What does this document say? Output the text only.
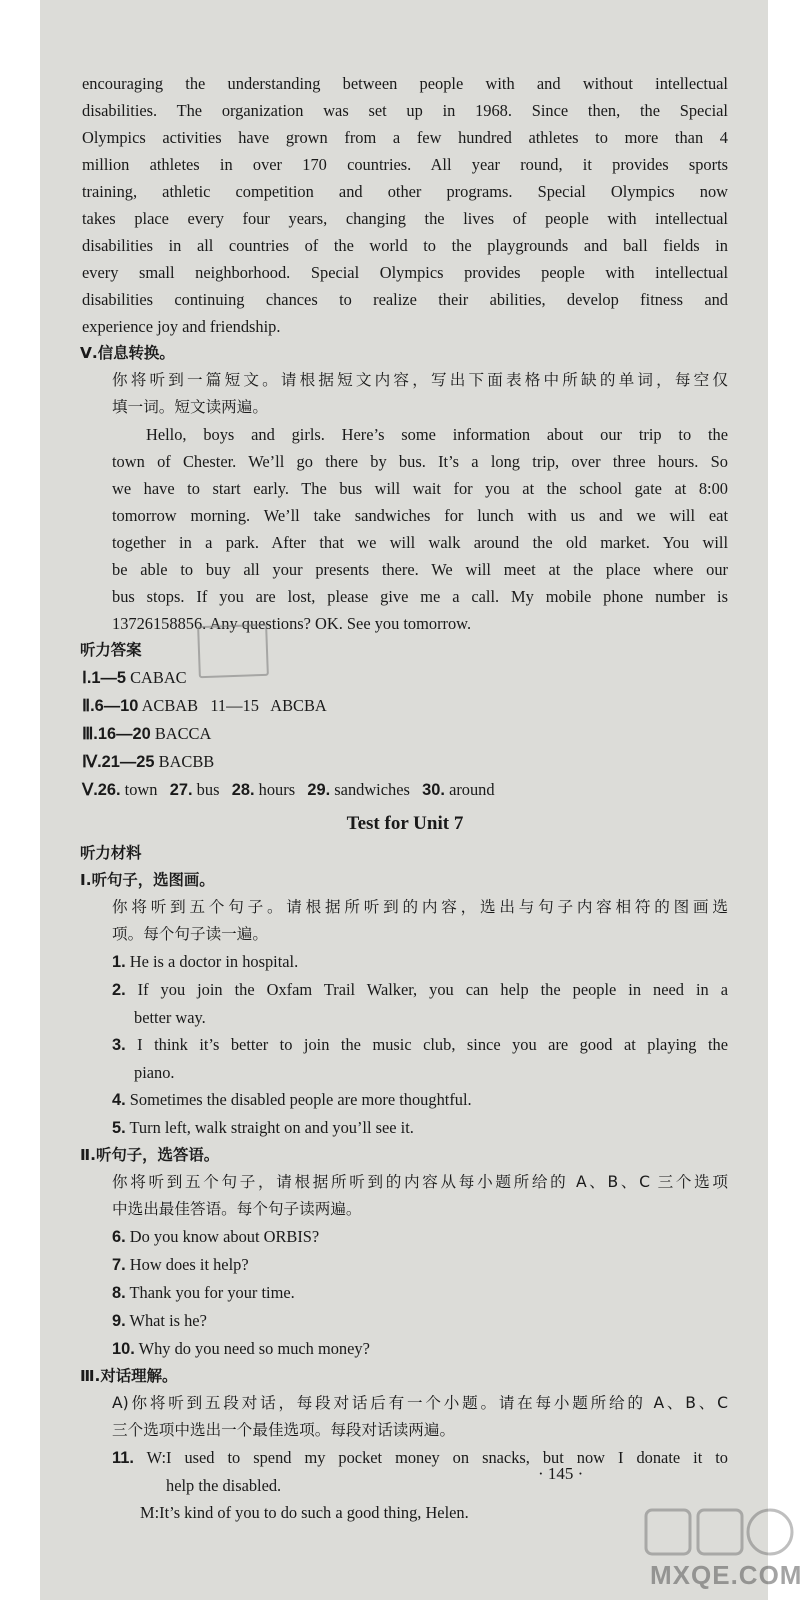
encouraging the understanding between people with and without intellectual
disabilities. The organization was set up in 1968. Since then, the Special
Olympics activities have grown from a few hundred athletes to more than 4
million athletes in over 170 countries. All year round, it provides sports
training, athletic competition and other programs. Special Olympics now
takes place every four years, changing the lives of people with intellectual
disabilities in all countries of the world to the playgrounds and ball fields in
every small neighborhood. Special Olympics provides people with intellectual
disabilities continuing chances to realize their abilities, develop fitness and
experience joy and friendship.
Ⅴ.信息转换。
你将听到一篇短文。请根据短文内容，写出下面表格中所缺的单词，每空仅
填一词。短文读两遍。
Hello, boys and girls. Here’s some information about our trip to the
town of Chester. We’ll go there by bus. It’s a long trip, over three hours. So
we have to start early. The bus will wait for you at the school gate at 8:00
tomorrow morning. We’ll take sandwiches for lunch with us and we will eat
together in a park. After that we will walk around the old market. You will
be able to buy all your presents there. We will meet at the place where our
bus stops. If you are lost, please give me a call. My mobile phone number is
13726158856. Any questions? OK. See you tomorrow.
听力答案
Ⅰ.1—5 CABAC
Ⅱ.6—10 ACBAB   11—15   ABCBA
Ⅲ.16—20 BACCA
Ⅳ.21—25 BACBB
Ⅴ.26. town 27. bus 28. hours 29. sandwiches 30. around
Test for Unit 7
听力材料
Ⅰ.听句子，选图画。
你将听到五个句子。请根据所听到的内容，选出与句子内容相符的图画选
项。每个句子读一遍。
1. He is a doctor in hospital.
2. If you join the Oxfam Trail Walker, you can help the people in need in a
better way.
3. I think it’s better to join the music club, since you are good at playing the
piano.
4. Sometimes the disabled people are more thoughtful.
5. Turn left, walk straight on and you’ll see it.
Ⅱ.听句子，选答语。
你将听到五个句子，请根据所听到的内容从每小题所给的 A、B、C 三个选项
中选出最佳答语。每个句子读两遍。
6. Do you know about ORBIS?
7. How does it help?
8. Thank you for your time.
9. What is he?
10. Why do you need so much money?
Ⅲ.对话理解。
A)你将听到五段对话，每段对话后有一个小题。请在每小题所给的 A、B、C
三个选项中选出一个最佳选项。每段对话读两遍。
11. W:I used to spend my pocket money on snacks, but now I donate it to
help the disabled.
M:It’s kind of you to do such a good thing, Helen.
· 145 ·
MXQE.COM
